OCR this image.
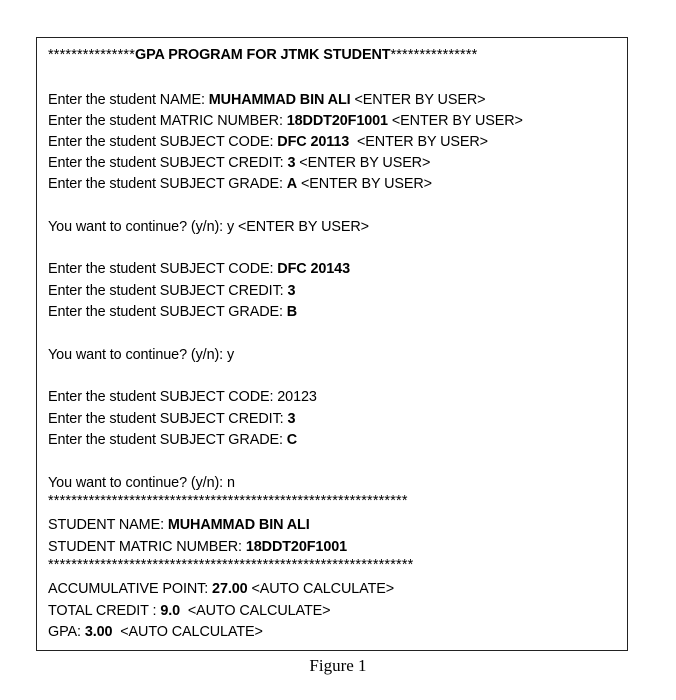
***************GPA PROGRAM FOR JTMK STUDENT***************
Enter the student NAME: MUHAMMAD BIN ALI <ENTER BY USER>
Enter the student MATRIC NUMBER: 18DDT20F1001 <ENTER BY USER>
Enter the student SUBJECT CODE: DFC 20113  <ENTER BY USER>
Enter the student SUBJECT CREDIT: 3 <ENTER BY USER>
Enter the student SUBJECT GRADE: A <ENTER BY USER>
You want to continue? (y/n): y <ENTER BY USER>
Enter the student SUBJECT CODE: DFC 20143
Enter the student SUBJECT CREDIT: 3
Enter the student SUBJECT GRADE: B
You want to continue? (y/n): y
Enter the student SUBJECT CODE: 20123
Enter the student SUBJECT CREDIT: 3
Enter the student SUBJECT GRADE: C
You want to continue? (y/n): n
**************************************************************
STUDENT NAME: MUHAMMAD BIN ALI
STUDENT MATRIC NUMBER: 18DDT20F1001
***************************************************************
ACCUMULATIVE POINT: 27.00 <AUTO CALCULATE>
TOTAL CREDIT : 9.0  <AUTO CALCULATE>
GPA: 3.00  <AUTO CALCULATE>
Figure 1
